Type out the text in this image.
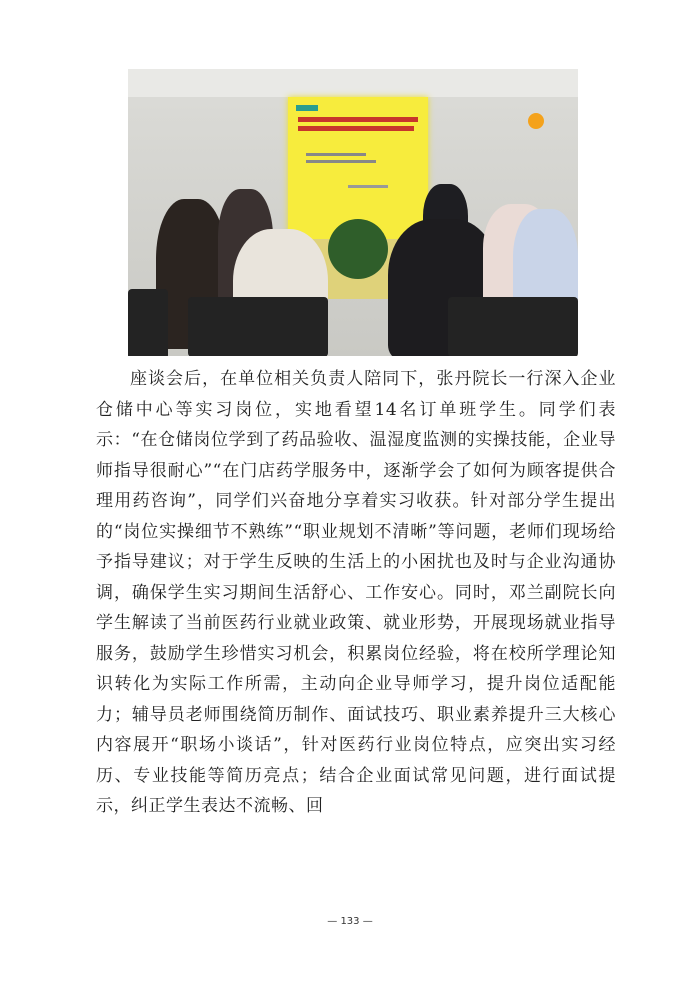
座谈会后，在单位相关负责人陪同下，张丹院长一行深入企业仓储中心等实习岗位，实地看望14名订单班学生。同学们表示：“在仓储岗位学到了药品验收、温湿度监测的实操技能，企业导师指导很耐心”“在门店药学服务中，逐渐学会了如何为顾客提供合理用药咨询”，同学们兴奋地分享着实习收获。针对部分学生提出的“岗位实操细节不熟练”“职业规划不清晰”等问题，老师们现场给予指导建议；对于学生反映的生活上的小困扰也及时与企业沟通协调，确保学生实习期间生活舒心、工作安心。同时，邓兰副院长向学生解读了当前医药行业就业政策、就业形势，开展现场就业指导服务，鼓励学生珍惜实习机会，积累岗位经验，将在校所学理论知识转化为实际工作所需，主动向企业导师学习，提升岗位适配能力；辅导员老师围绕简历制作、面试技巧、职业素养提升三大核心内容展开“职场小谈话”，针对医药行业岗位特点，应突出实习经历、专业技能等简历亮点；结合企业面试常见问题，进行面试提示，纠正学生表达不流畅、回

— 133 —
